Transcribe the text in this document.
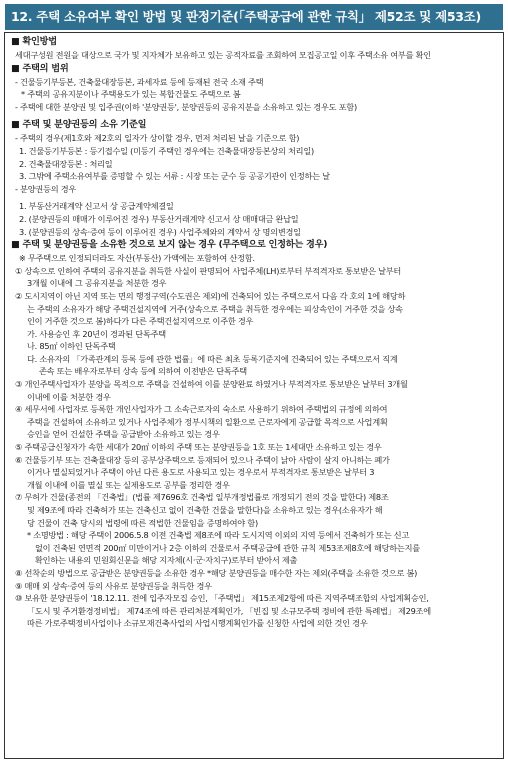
12. 주택 소유여부 확인 방법 및 판정기준(「주택공급에 관한 규칙」 제52조 및 제53조)
■ 확인방법
세대구성원 전원을 대상으로 국가 및 지자체가 보유하고 있는 공적자료를 조회하여 모집공고일 이후 주택소유 여부를 확인
■ 주택의 범위
- 건물등기부등본, 건축물대장등본, 과세자료 등에 등재된 전국 소재 주택
* 주택의 공유지분이나 주택용도가 있는 복합건물도 주택으로 봄
- 주택에 대한 분양권 및 입주권(이하 '분양권등', 분양권등의 공유지분을 소유하고 있는 경우도 포함)
■ 주택 및 분양권등의 소유 기준일
- 주택의 경우(제1호와 제2호의 일자가 상이할 경우, 먼저 처리된 날을 기준으로 함)
1. 건물등기부등본 : 등기접수일 (미등기 주택인 경우에는 건축물대장등본상의 처리일)
2. 건축물대장등본 : 처리일
3. 그밖에 주택소유여부를 증명할 수 있는 서류 : 시장 또는 군수 등 공공기관이 인정하는 날
- 분양권등의 경우
1. 부동산거래계약 신고서 상 공급계약체결일
2. (분양권등의 매매가 이루어진 경우) 부동산거래계약 신고서 상 매매대금 완납일
3. (분양권등의 상속·증여 등이 이루어진 경우) 사업주체와의 계약서 상 명의변경일
■ 주택 및 분양권등을 소유한 것으로 보지 않는 경우 (무주택으로 인정하는 경우)
※ 무주택으로 인정되더라도 자산(부동산) 가액에는 포함하여 산정함.
① 상속으로 인하여 주택의 공유지분을 취득한 사실이 판명되어 사업주체(LH)로부터 부적격자로 통보받은 날부터
3개월 이내에 그 공유지분을 처분한 경우
② 도시지역이 아닌 지역 또는 면의 행정구역(수도권은 제외)에 건축되어 있는 주택으로서 다음 각 호의 1에 해당하
는 주택의 소유자가 해당 주택건설지역에 거주(상속으로 주택을 취득한 경우에는 피상속인이 거주한 것을 상속
인이 거주한 것으로 봄)하다가 다른 주택건설지역으로 이주한 경우
가. 사용승인 후 20년이 경과된 단독주택
나. 85㎡ 이하인 단독주택
다. 소유자의 「가족관계의 등록 등에 관한 법률」에 따른 최초 등록기준지에 건축되어 있는 주택으로서 직계
존속 또는 배우자로부터 상속 등에 의하여 이전받은 단독주택
③ 개인주택사업자가 분양을 목적으로 주택을 건설하여 이를 분양완료 하였거나 부적격자로 통보받은 날부터 3개월
이내에 이를 처분한 경우
④ 세무서에 사업자로 등록한 개인사업자가 그 소속근로자의 숙소로 사용하기 위하여 주택법의 규정에 의하여
주택을 건설하여 소유하고 있거나 사업주체가 정부시책의 일환으로 근로자에게 공급할 목적으로 사업계획
승인을 얻어 건설한 주택을 공급받아 소유하고 있는 경우
⑤ 주택공급신청자가 속한 세대가 20㎡ 이하의 주택 또는 분양권등을 1호 또는 1세대만 소유하고 있는 경우
⑥ 건물등기부 또는 건축물대장 등의 공부상주택으로 등재되어 있으나 주택이 낡아 사람이 살지 아니하는 폐가
이거나 멸실되었거나 주택이 아닌 다른 용도로 사용되고 있는 경우로서 부적격자로 통보받은 날부터 3
개월 이내에 이를 멸실 또는 실제용도로 공부를 정리한 경우
⑦ 무허가 건물(종전의 「건축법」(법률 제7696호 건축법 일부개정법률로 개정되기 전의 것을 말한다) 제8조
및 제9조에 따라 건축허가 또는 건축신고 없이 건축한 건물을 말한다)을 소유하고 있는 경우(소유자가 해
당 건물이 건축 당시의 법령에 따른 적법한 건물임을 증명하여야 함)
* 소명방법 : 해당 주택이 2006.5.8 이전 건축법 제8조에 따라 도시지역 이외의 지역 등에서 건축허가 또는 신고
없이 건축된 연면적 200㎡ 미만이거나 2층 이하의 건물로서 주택공급에 관한 규칙 제53조제8호에 해당하는지를
확인하는 내용의 민원회신문을 해당 지자체(시·군·자치구)로부터 받아서 제출
⑧ 선착순의 방법으로 공급받은 분양권등을 소유한 경우 *해당 분양권등을 매수한 자는 제외(주택을 소유한 것으로 봄)
⑨ 매매 외 상속·증여 등의 사유로 분양권등을 취득한 경우
⑩ 보유한 분양권등이 '18.12.11. 전에 입주자모집 승인, 「주택법」 제15조제2항에 따른 지역주택조합의 사업계획승인,
「도시 및 주거환경정비법」 제74조에 따른 관리처분계획인가, 「빈집 및 소규모주택 정비에 관한 특례법」 제29조에
따른 가로주택정비사업이나 소규모재건축사업의 사업시행계획인가를 신청한 사업에 의한 것인 경우
